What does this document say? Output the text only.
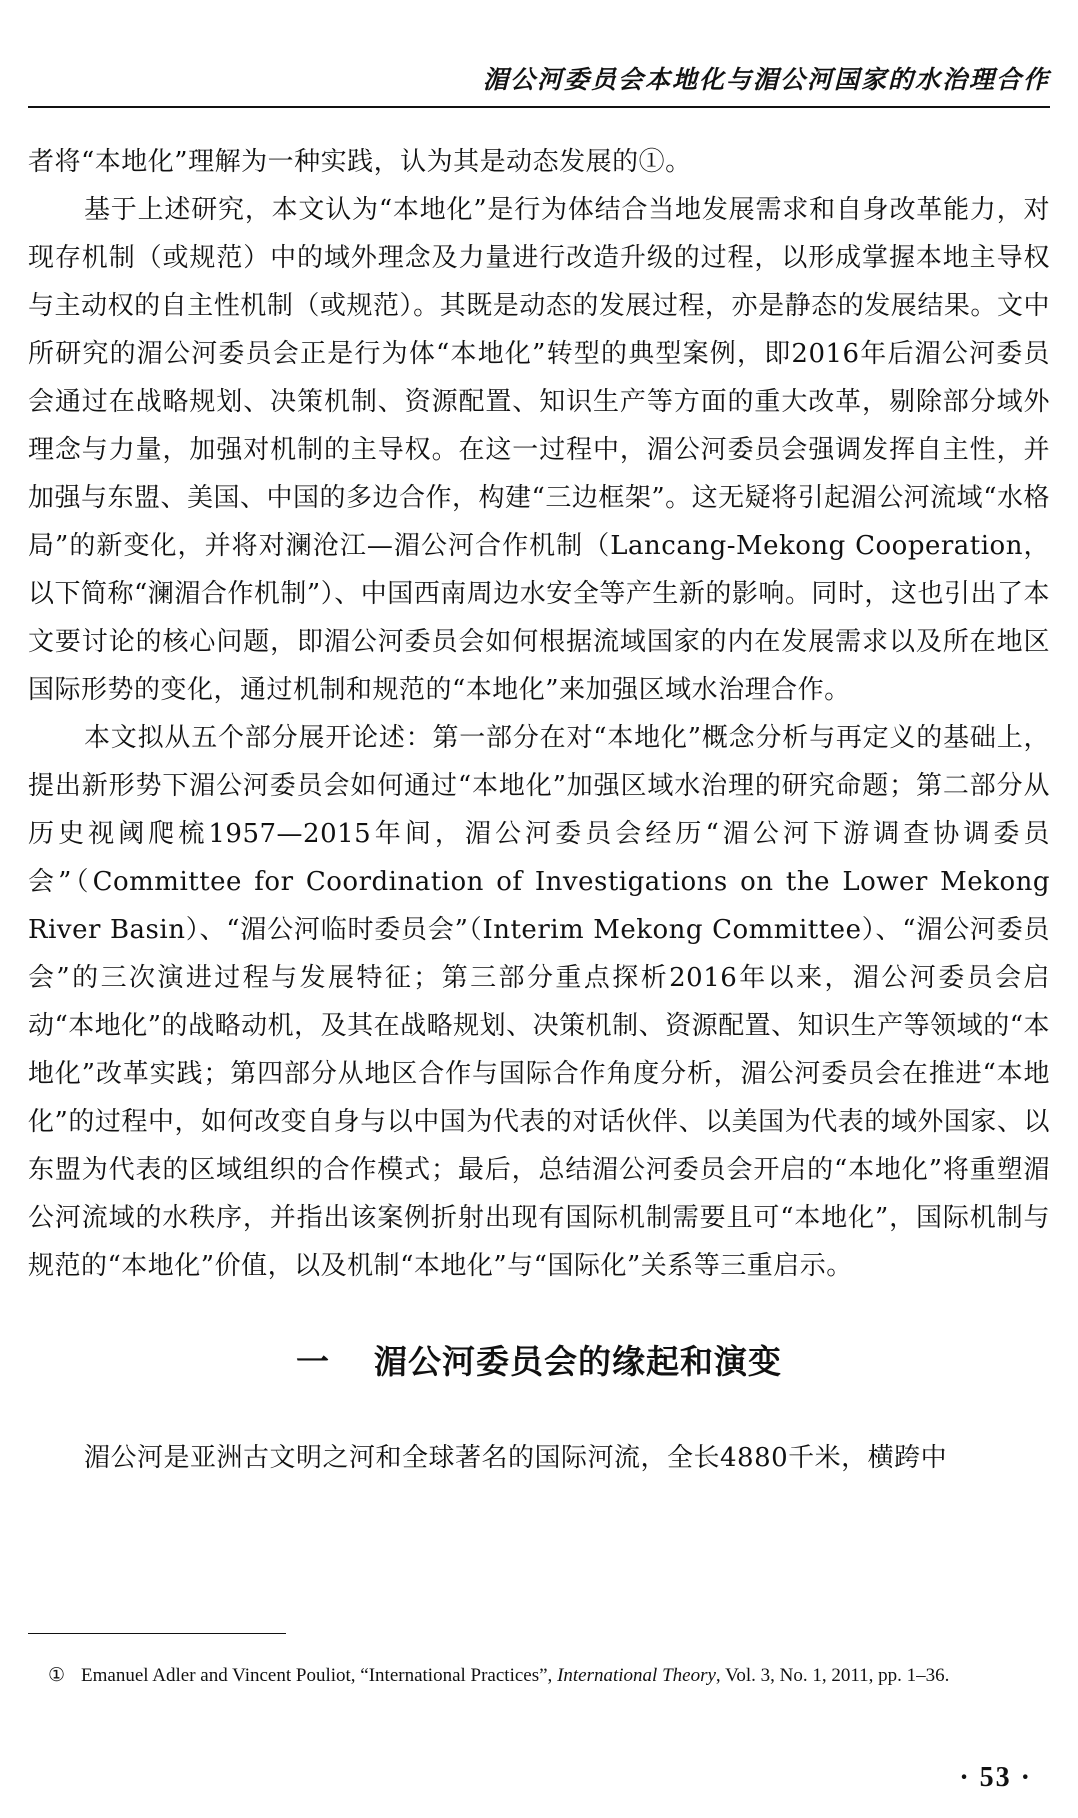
湄公河委员会本地化与湄公河国家的水治理合作

者将“本地化”理解为一种实践，认为其是动态发展的①。

基于上述研究，本文认为“本地化”是行为体结合当地发展需求和自身改革能力，对现存机制（或规范）中的域外理念及力量进行改造升级的过程，以形成掌握本地主导权与主动权的自主性机制（或规范）。其既是动态的发展过程，亦是静态的发展结果。文中所研究的湄公河委员会正是行为体“本地化”转型的典型案例，即2016年后湄公河委员会通过在战略规划、决策机制、资源配置、知识生产等方面的重大改革，剔除部分域外理念与力量，加强对机制的主导权。在这一过程中，湄公河委员会强调发挥自主性，并加强与东盟、美国、中国的多边合作，构建“三边框架”。这无疑将引起湄公河流域“水格局”的新变化，并将对澜沧江—湄公河合作机制（Lancang-Mekong Cooperation，以下简称“澜湄合作机制”）、中国西南周边水安全等产生新的影响。同时，这也引出了本文要讨论的核心问题，即湄公河委员会如何根据流域国家的内在发展需求以及所在地区国际形势的变化，通过机制和规范的“本地化”来加强区域水治理合作。

本文拟从五个部分展开论述：第一部分在对“本地化”概念分析与再定义的基础上，提出新形势下湄公河委员会如何通过“本地化”加强区域水治理的研究命题；第二部分从历史视阈爬梳1957—2015年间，湄公河委员会经历“湄公河下游调查协调委员会”（Committee for Coordination of Investigations on the Lower Mekong River Basin）、“湄公河临时委员会”（Interim Mekong Committee）、“湄公河委员会”的三次演进过程与发展特征；第三部分重点探析2016年以来，湄公河委员会启动“本地化”的战略动机，及其在战略规划、决策机制、资源配置、知识生产等领域的“本地化”改革实践；第四部分从地区合作与国际合作角度分析，湄公河委员会在推进“本地化”的过程中，如何改变自身与以中国为代表的对话伙伴、以美国为代表的域外国家、以东盟为代表的区域组织的合作模式；最后，总结湄公河委员会开启的“本地化”将重塑湄公河流域的水秩序，并指出该案例折射出现有国际机制需要且可“本地化”，国际机制与规范的“本地化”价值，以及机制“本地化”与“国际化”关系等三重启示。

一 湄公河委员会的缘起和演变

湄公河是亚洲古文明之河和全球著名的国际河流，全长4880千米，横跨中

① Emanuel Adler and Vincent Pouliot, “International Practices”, International Theory, Vol. 3, No. 1, 2011, pp. 1–36.
· 53 ·
